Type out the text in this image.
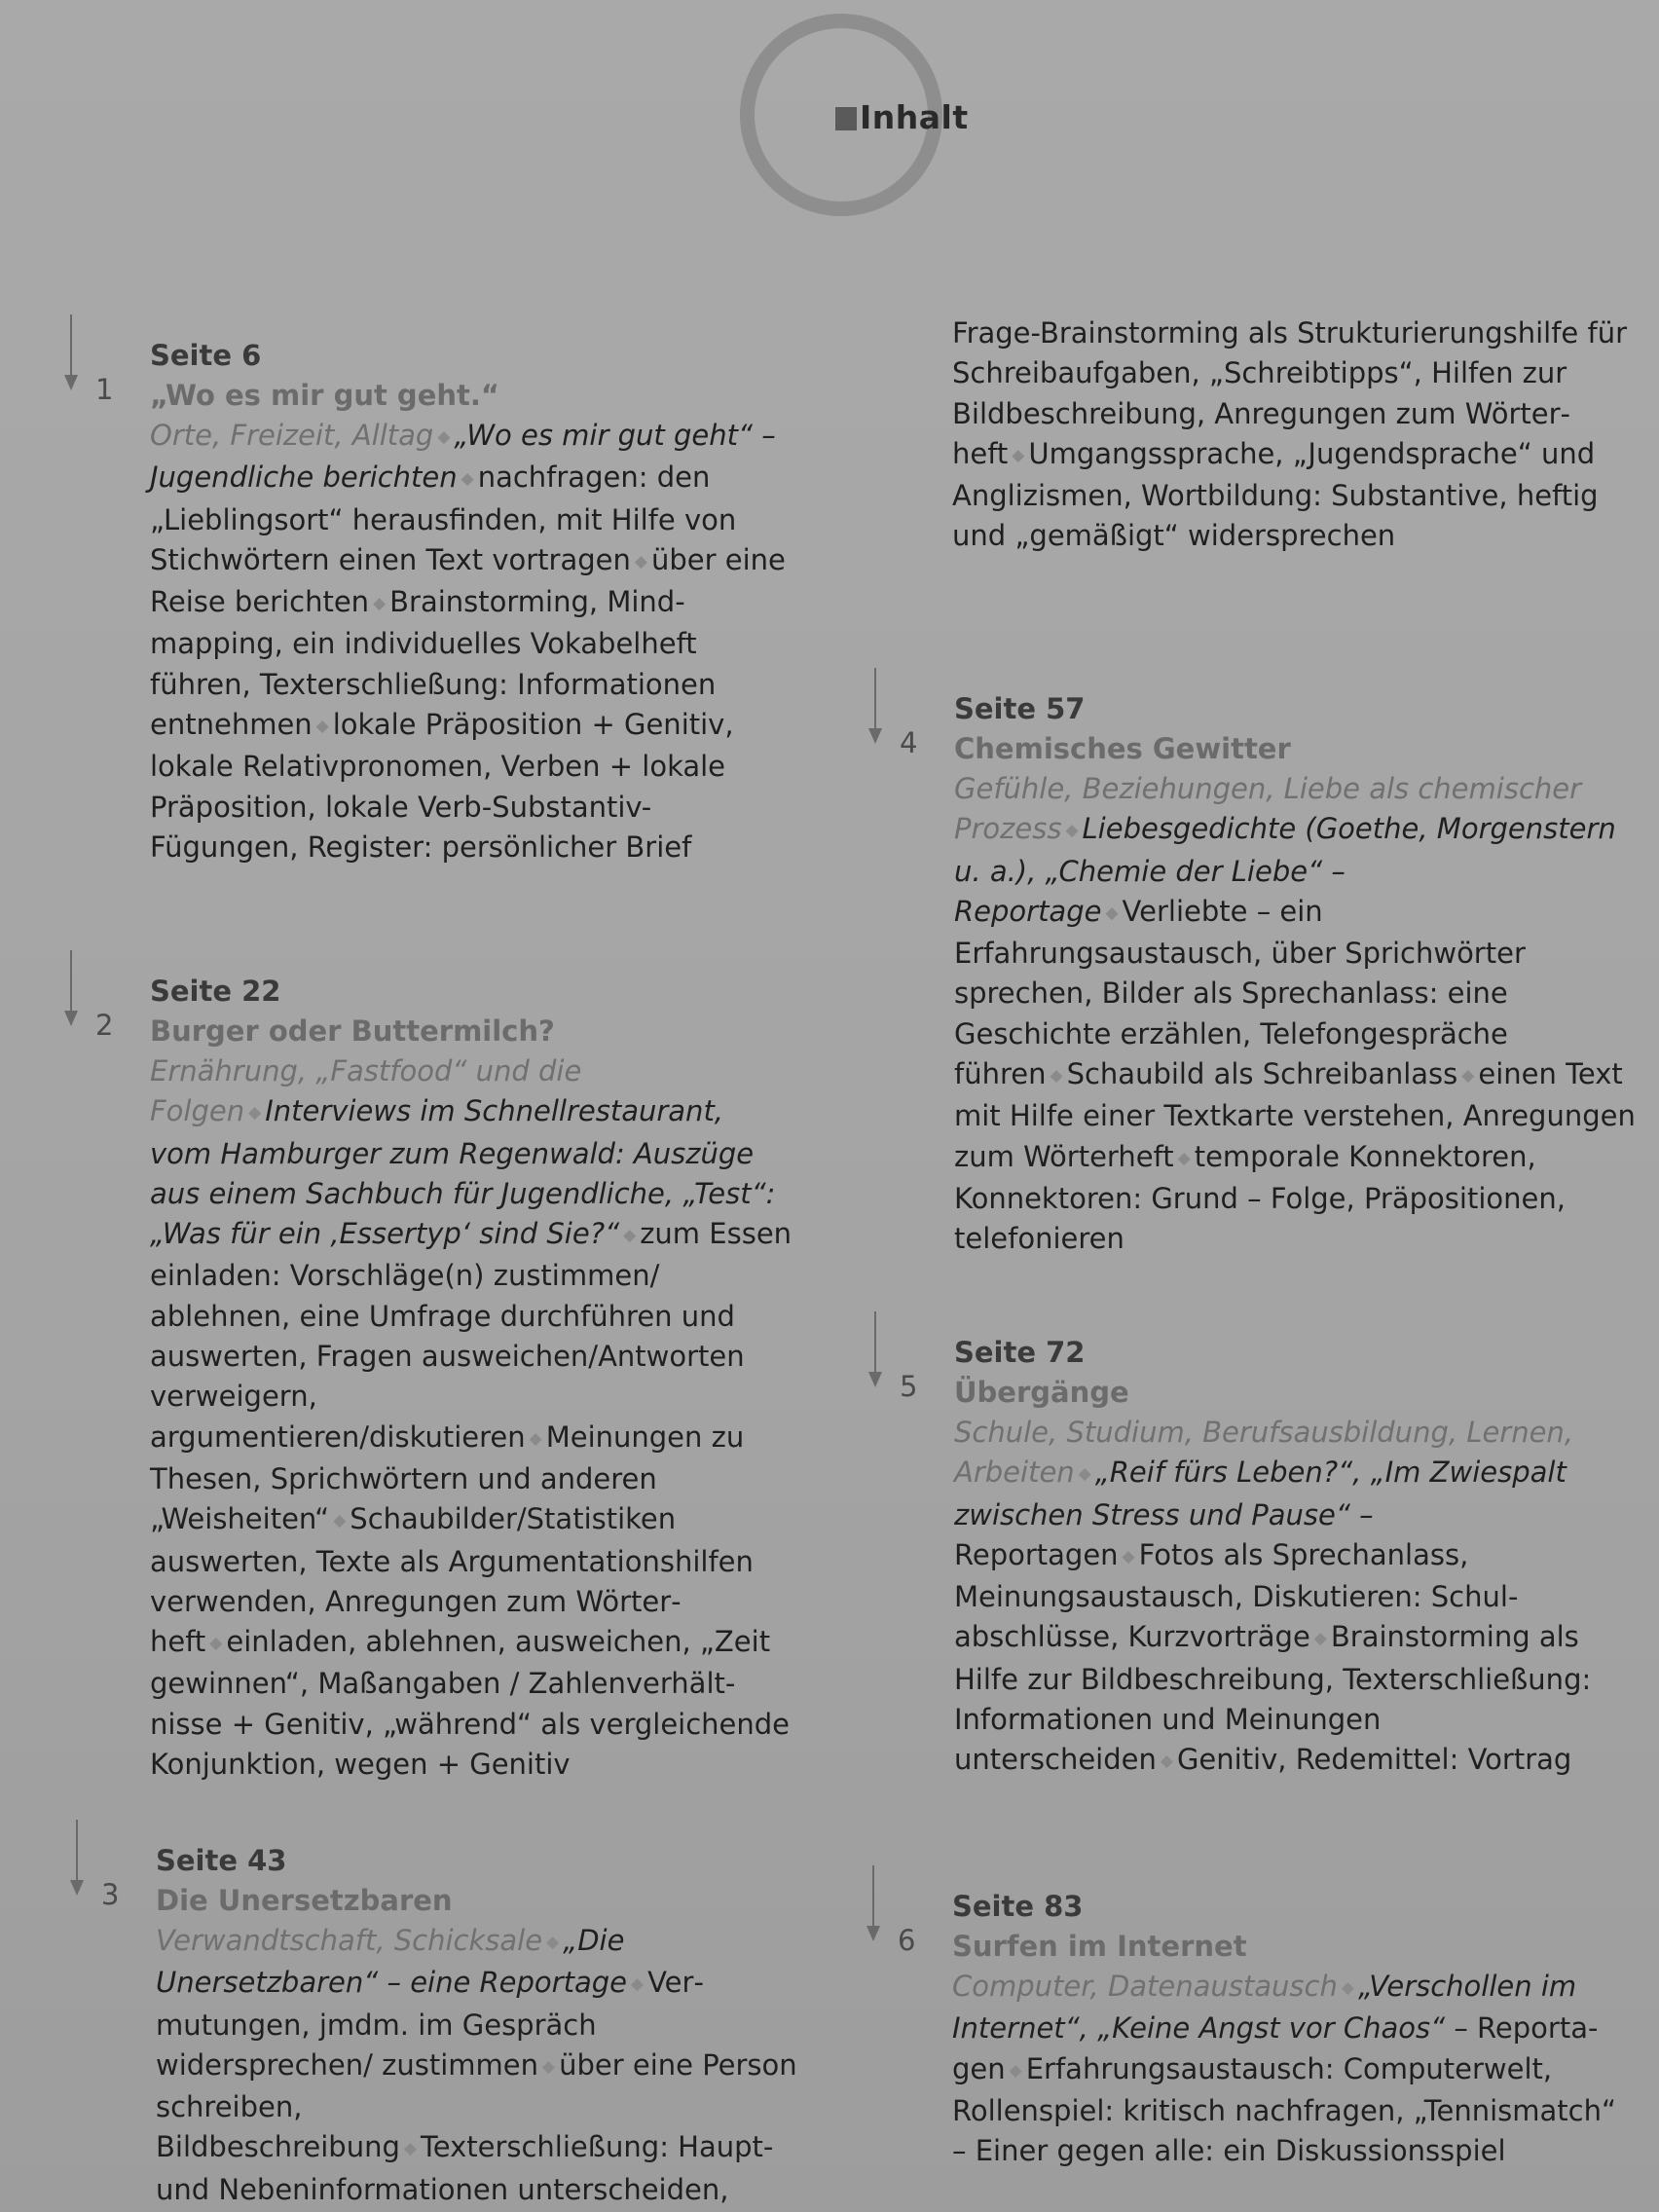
Inhalt
1
Seite 6
„Wo es mir gut geht.“

Orte, Freizeit, Alltag ◆ „Wo es mir gut geht“ – Jugendliche berichten ◆ nachfragen: den „Lieblingsort“ herausfinden, mit Hilfe von Stichwörtern einen Text vortragen ◆ über eine Reise berichten ◆ Brainstorming, Mindmapping, ein individuelles Vokabelheft führen, Texterschließung: Informationen entnehmen ◆ lokale Präposition + Genitiv, lokale Relativpronomen, Verben + lokale Präposition, lokale Verb-Substantiv-Fügungen, Register: persönlicher Brief

2
Seite 22
Burger oder Buttermilch?

Ernährung, „Fastfood“ und die Folgen ◆ Interviews im Schnellrestaurant, vom Hamburger zum Regenwald: Auszüge aus einem Sachbuch für Jugendliche, „Test“: „Was für ein ‚Essertyp‘ sind Sie?“ ◆ zum Essen einladen: Vorschläge(n) zustimmen/ ablehnen, eine Umfrage durchführen und auswerten, Fragen ausweichen/Antworten verweigern, argumentieren/diskutieren ◆ Meinungen zu Thesen, Sprichwörtern und anderen „Weisheiten“ ◆ Schaubilder/Statistiken auswerten, Texte als Argumentationshilfen verwenden, Anregungen zum Wörterheft ◆ einladen, ablehnen, ausweichen, „Zeit gewinnen“, Maßangaben / Zahlenverhältnisse + Genitiv, „während“ als vergleichende Konjunktion, wegen + Genitiv

3
Seite 43
Die Unersetzbaren

Verwandtschaft, Schicksale ◆ „Die Unersetzbaren“ – eine Reportage ◆ Vermutungen, jmdm. im Gespräch widersprechen/ zustimmen ◆ über eine Person schreiben, Bildbeschreibung ◆ Texterschließung: Haupt- und Nebeninformationen unterscheiden,

Frage-Brainstorming als Strukturierungshilfe für Schreibaufgaben, „Schreibtipps“, Hilfen zur Bildbeschreibung, Anregungen zum Wörterheft ◆ Umgangssprache, „Jugendsprache“ und Anglizismen, Wortbildung: Substantive, heftig und „gemäßigt“ widersprechen

4
Seite 57
Chemisches Gewitter

Gefühle, Beziehungen, Liebe als chemischer Prozess ◆ Liebesgedichte (Goethe, Morgenstern u. a.), „Chemie der Liebe“ – Reportage ◆ Verliebte – ein Erfahrungsaustausch, über Sprichwörter sprechen, Bilder als Sprechanlass: eine Geschichte erzählen, Telefongespräche führen ◆ Schaubild als Schreibanlass ◆ einen Text mit Hilfe einer Textkarte verstehen, Anregungen zum Wörterheft ◆ temporale Konnektoren, Konnektoren: Grund – Folge, Präpositionen, telefonieren

5
Seite 72
Übergänge

Schule, Studium, Berufsausbildung, Lernen, Arbeiten ◆ „Reif fürs Leben?“, „Im Zwiespalt zwischen Stress und Pause“ – Reportagen ◆ Fotos als Sprechanlass, Meinungsaustausch, Diskutieren: Schulabschlüsse, Kurzvorträge ◆ Brainstorming als Hilfe zur Bildbeschreibung, Texterschließung: Informationen und Meinungen unterscheiden ◆ Genitiv, Redemittel: Vortrag

6
Seite 83
Surfen im Internet

Computer, Datenaustausch ◆ „Verschollen im Internet“, „Keine Angst vor Chaos“ – Reportagen ◆ Erfahrungsaustausch: Computerwelt, Rollenspiel: kritisch nachfragen, „Tennismatch“ – Einer gegen alle: ein Diskussionsspiel
